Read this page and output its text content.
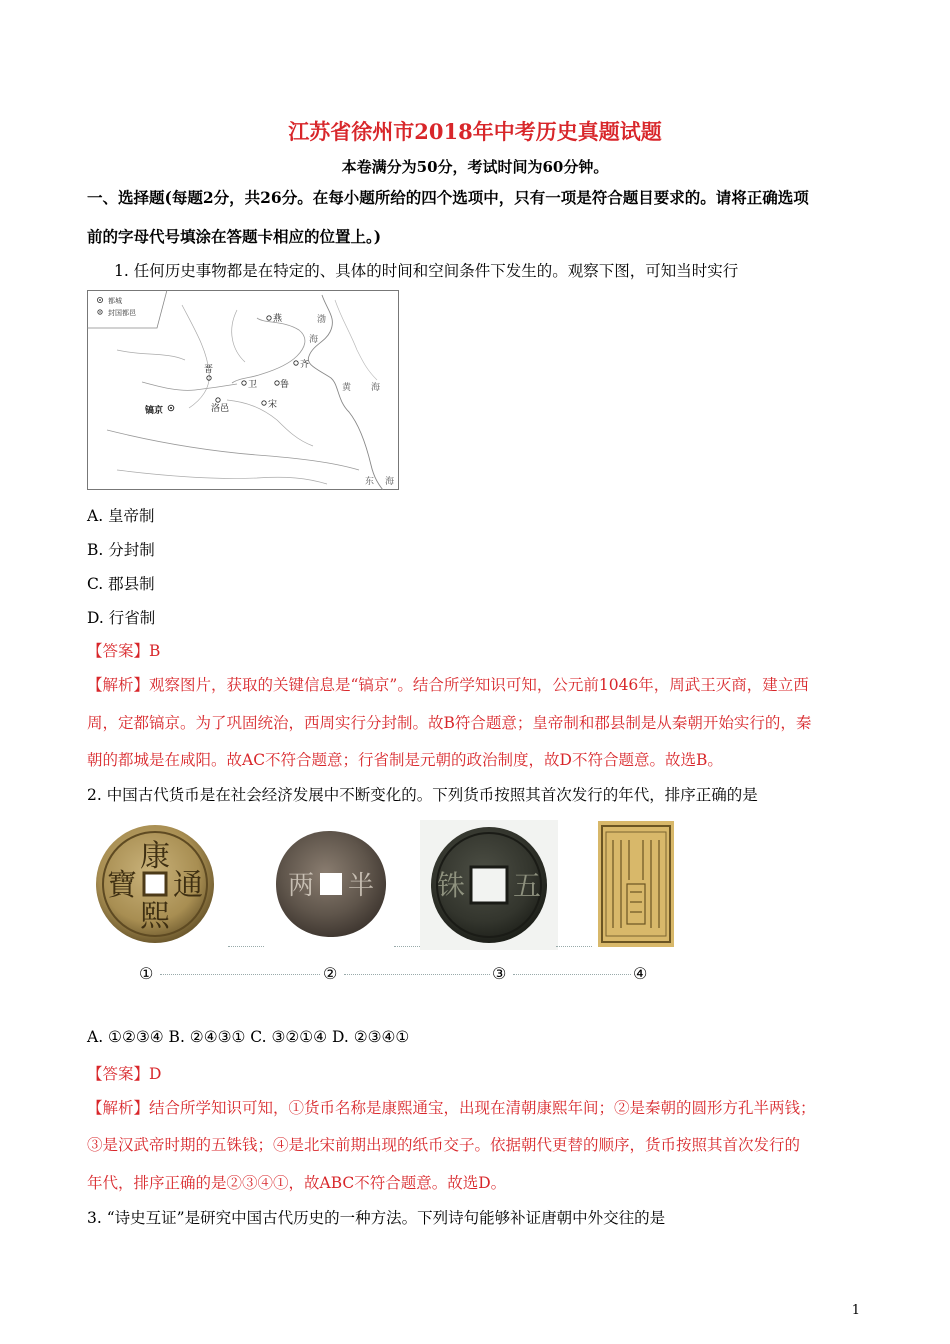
江苏省徐州市2018年中考历史真题试题
本卷满分为50分，考试时间为60分钟。
一、选择题(每题2分，共26分。在每小题所给的四个选项中，只有一项是符合题目要求的。请将正确选项
前的字母代号填涂在答题卡相应的位置上。)
1. 任何历史事物都是在特定的、具体的时间和空间条件下发生的。观察下图，可知当时实行
都城
封国都邑
燕
齐
晋
卫	鲁
洛邑	宋
镐京
渤
海
黄 海
东 海
A. 皇帝制
B. 分封制
C. 郡县制
D. 行省制
【答案】B
【解析】观察图片，获取的关键信息是“镐京”。结合所学知识可知，公元前1046年，周武王灭商，建立西
周，定都镐京。为了巩固统治，西周实行分封制。故B符合题意；皇帝制和郡县制是从秦朝开始实行的，秦
朝的都城是在咸阳。故AC不符合题意；行省制是元朝的政治制度，故D不符合题意。故选B。
2. 中国古代货币是在社会经济发展中不断变化的。下列货币按照其首次发行的年代，排序正确的是
康
熙
通
寶	半
两	五
铢
①	②	③	④
A. ①②③④ B. ②④③① C. ③②①④ D. ②③④①
【答案】D
【解析】结合所学知识可知，①货币名称是康熙通宝，出现在清朝康熙年间；②是秦朝的圆形方孔半两钱；
③是汉武帝时期的五铢钱；④是北宋前期出现的纸币交子。依据朝代更替的顺序，货币按照其首次发行的
年代，排序正确的是②③④①，故ABC不符合题意。故选D。
3. “诗史互证”是研究中国古代历史的一种方法。下列诗句能够补证唐朝中外交往的是
1
